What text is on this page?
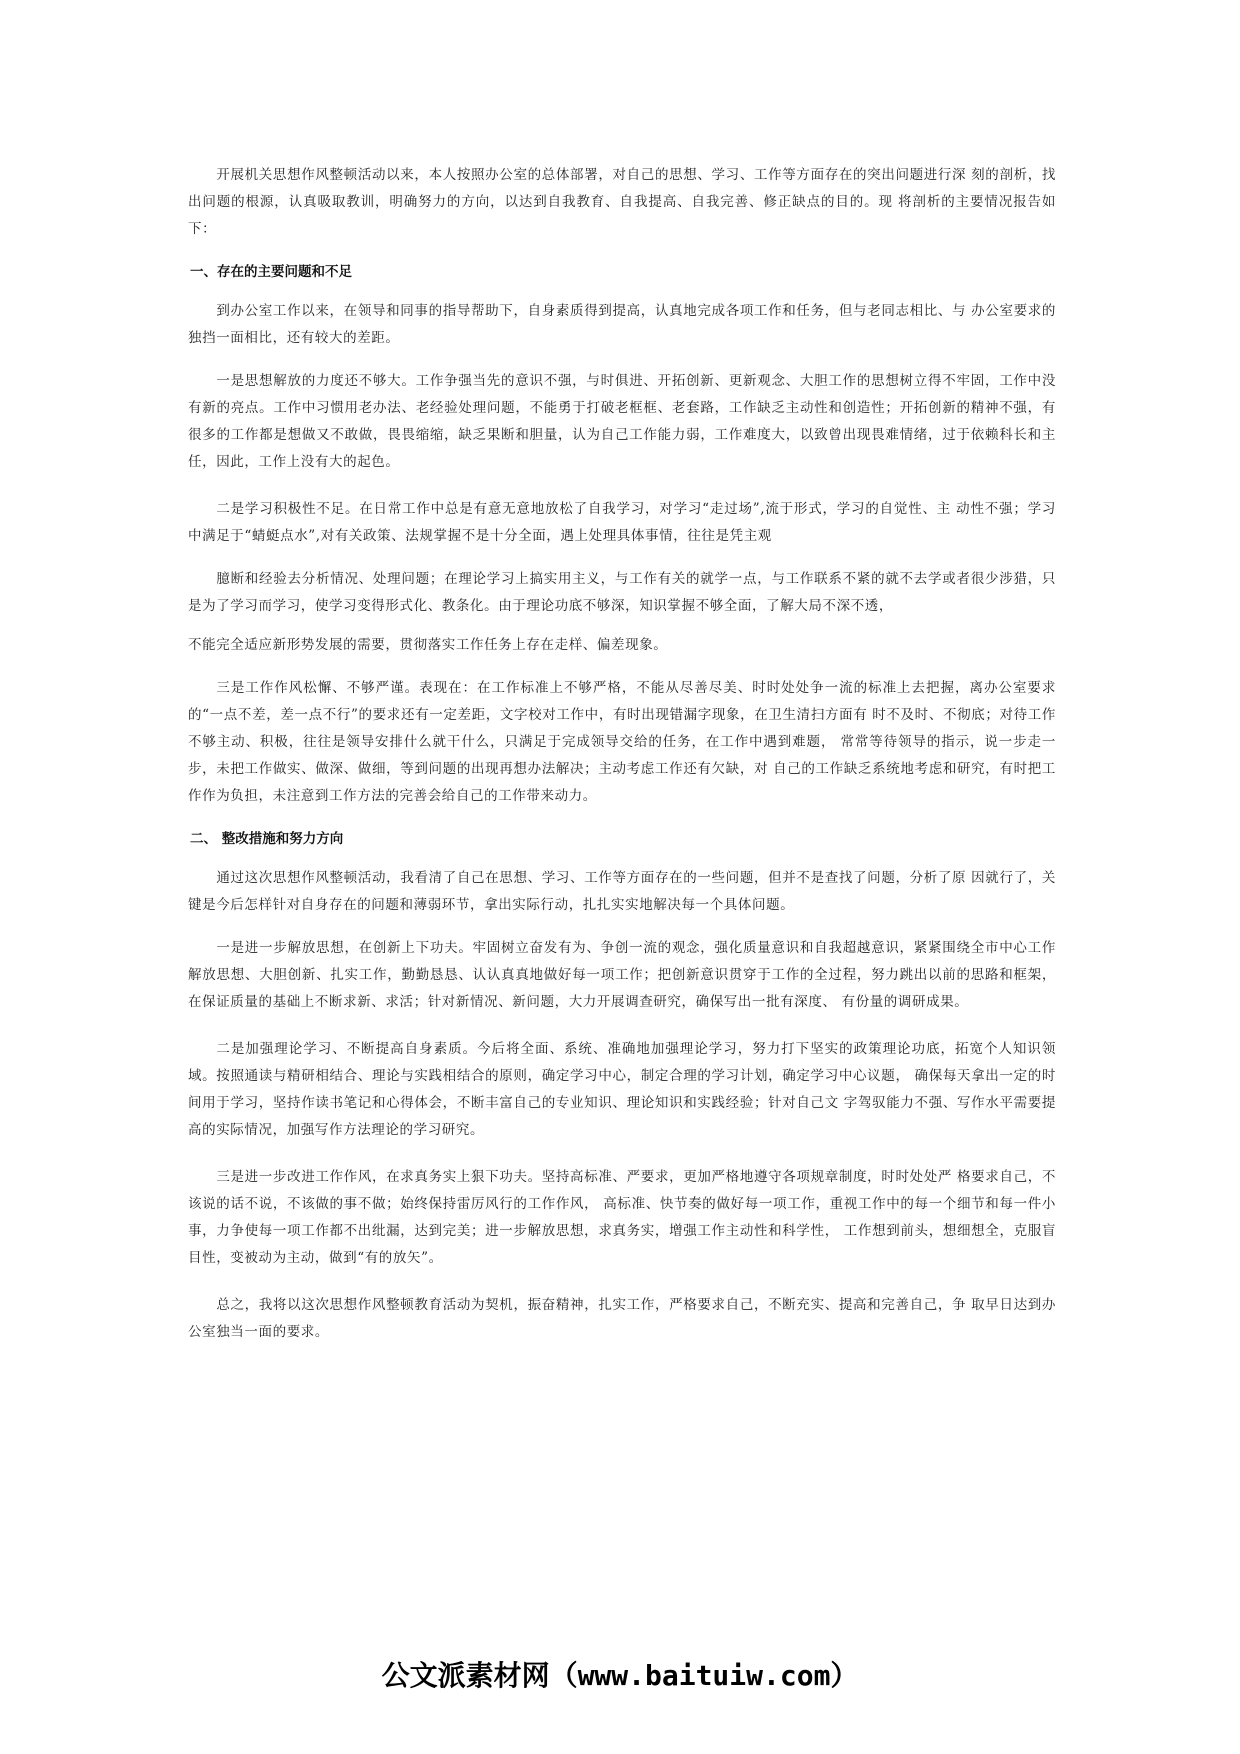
开展机关思想作风整顿活动以来，本人按照办公室的总体部署，对自己的思想、学习、工作等方面存在的突出问题进行深 刻的剖析，找出问题的根源，认真吸取教训，明确努力的方向，以达到自我教育、自我提高、自我完善、修正缺点的目的。现 将剖析的主要情况报告如下：

一、存在的主要问题和不足

到办公室工作以来，在领导和同事的指导帮助下，自身素质得到提高，认真地完成各项工作和任务，但与老同志相比、与 办公室要求的独挡一面相比，还有较大的差距。

一是思想解放的力度还不够大。工作争强当先的意识不强，与时俱进、开拓创新、更新观念、大胆工作的思想树立得不牢固，工作中没有新的亮点。工作中习惯用老办法、老经验处理问题，不能勇于打破老框框、老套路，工作缺乏主动性和创造性；开拓创新的精神不强，有很多的工作都是想做又不敢做，畏畏缩缩，缺乏果断和胆量，认为自己工作能力弱，工作难度大，以致曾出现畏难情绪，过于依赖科长和主任，因此，工作上没有大的起色。

二是学习积极性不足。在日常工作中总是有意无意地放松了自我学习，对学习“走过场”,流于形式，学习的自觉性、主 动性不强；学习中满足于“蜻蜓点水”,对有关政策、法规掌握不是十分全面，遇上处理具体事情，往往是凭主观

臆断和经验去分析情况、处理问题；在理论学习上搞实用主义，与工作有关的就学一点，与工作联系不紧的就不去学或者很少涉猎，只是为了学习而学习，使学习变得形式化、教条化。由于理论功底不够深，知识掌握不够全面，了解大局不深不透，

不能完全适应新形势发展的需要，贯彻落实工作任务上存在走样、偏差现象。

三是工作作风松懈、不够严谨。表现在：在工作标准上不够严格，不能从尽善尽美、时时处处争一流的标准上去把握，离办公室要求的“一点不差，差一点不行”的要求还有一定差距，文字校对工作中，有时出现错漏字现象，在卫生清扫方面有 时不及时、不彻底；对待工作不够主动、积极，往往是领导安排什么就干什么，只满足于完成领导交给的任务，在工作中遇到难题， 常常等待领导的指示，说一步走一步，未把工作做实、做深、做细，等到问题的出现再想办法解决；主动考虑工作还有欠缺，对 自己的工作缺乏系统地考虑和研究，有时把工作作为负担，未注意到工作方法的完善会给自己的工作带来动力。

二、 整改措施和努力方向

通过这次思想作风整顿活动，我看清了自己在思想、学习、工作等方面存在的一些问题，但并不是查找了问题，分析了原 因就行了，关键是今后怎样针对自身存在的问题和薄弱环节，拿出实际行动，扎扎实实地解决每一个具体问题。

一是进一步解放思想，在创新上下功夫。牢固树立奋发有为、争创一流的观念，强化质量意识和自我超越意识，紧紧围绕全市中心工作解放思想、大胆创新、扎实工作，勤勤恳恳、认认真真地做好每一项工作；把创新意识贯穿于工作的全过程，努力跳出以前的思路和框架，在保证质量的基础上不断求新、求活；针对新情况、新问题，大力开展调查研究，确保写出一批有深度、 有份量的调研成果。

二是加强理论学习、不断提高自身素质。今后将全面、系统、准确地加强理论学习，努力打下坚实的政策理论功底，拓宽个人知识领域。按照通读与精研相结合、理论与实践相结合的原则，确定学习中心，制定合理的学习计划，确定学习中心议题， 确保每天拿出一定的时间用于学习，坚持作读书笔记和心得体会，不断丰富自己的专业知识、理论知识和实践经验；针对自己文 字驾驭能力不强、写作水平需要提高的实际情况，加强写作方法理论的学习研究。

三是进一步改进工作作风，在求真务实上狠下功夫。坚持高标准、严要求，更加严格地遵守各项规章制度，时时处处严 格要求自己，不该说的话不说，不该做的事不做；始终保持雷厉风行的工作作风， 高标准、快节奏的做好每一项工作，重视工作中的每一个细节和每一件小事，力争使每一项工作都不出纰漏，达到完美；进一步解放思想，求真务实，增强工作主动性和科学性， 工作想到前头，想细想全，克服盲目性，变被动为主动，做到“有的放矢”。

总之，我将以这次思想作风整顿教育活动为契机，振奋精神，扎实工作，严格要求自己，不断充实、提高和完善自己，争 取早日达到办公室独当一面的要求。

公文派素材网（www.baituiw.com）
